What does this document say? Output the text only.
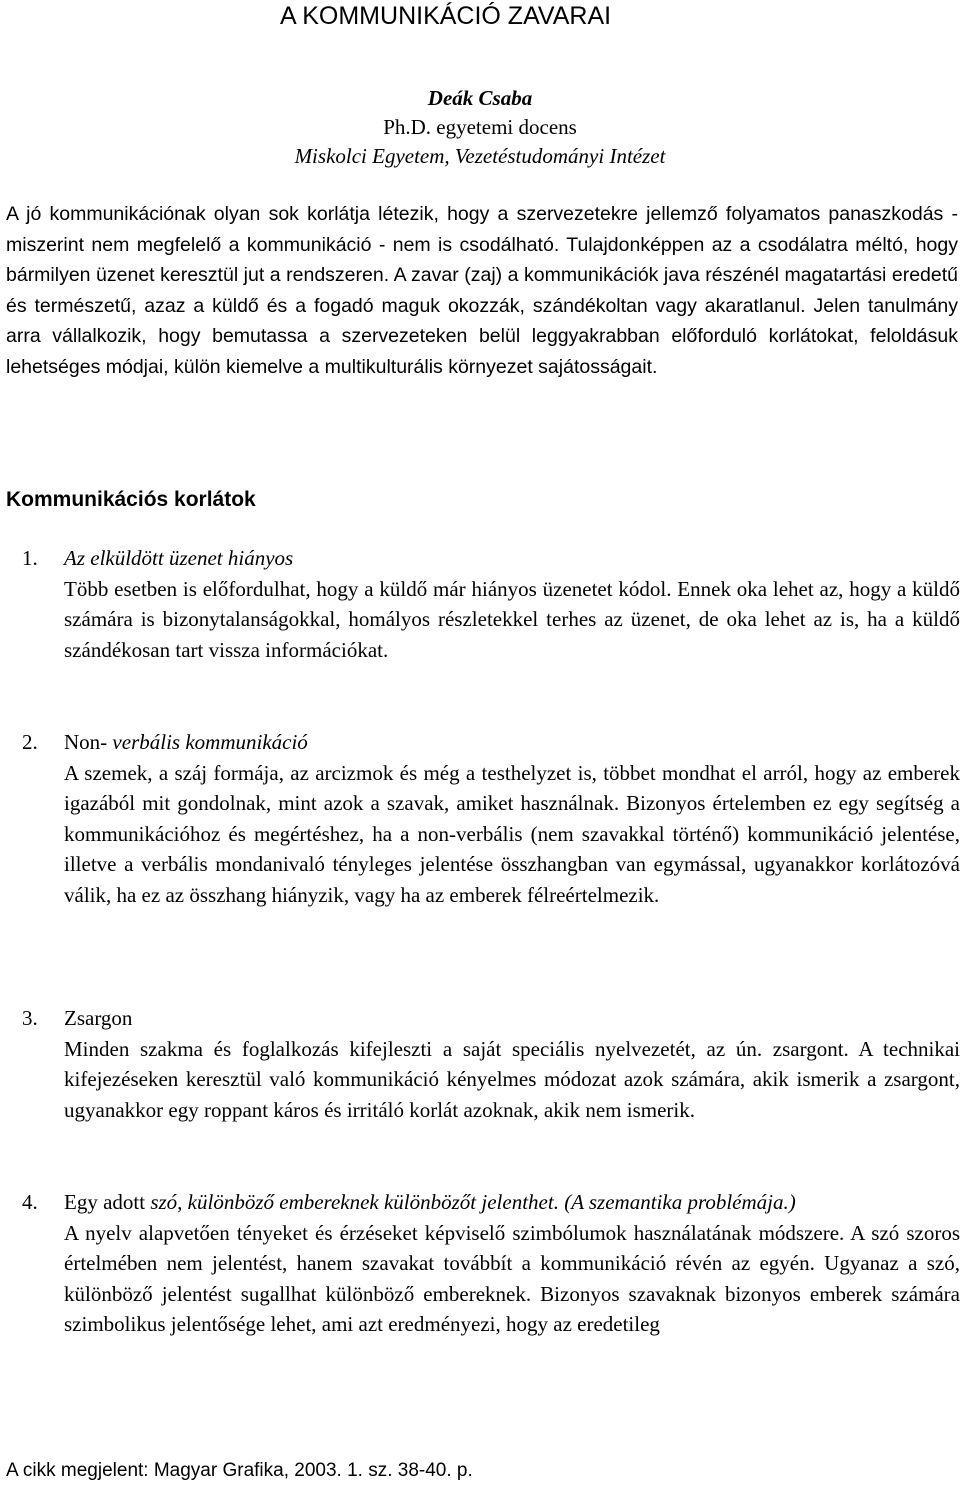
A KOMMUNIKÁCIÓ ZAVARAI
Deák Csaba
Ph.D. egyetemi docens
Miskolci Egyetem, Vezetéstudományi Intézet

A jó kommunikációnak olyan sok korlátja létezik, hogy a szervezetekre jellemző folyamatos panaszkodás - miszerint nem megfelelő a kommunikáció - nem is csodálható. Tulajdonképpen az a csodálatra méltó, hogy bármilyen üzenet keresztül jut a rendszeren. A zavar (zaj) a kommunikációk java részénél magatartási eredetű és természetű, azaz a küldő és a fogadó maguk okozzák, szándékoltan vagy akaratlanul. Jelen tanulmány arra vállalkozik, hogy bemutassa a szervezeteken belül leggyakrabban előforduló korlátokat, feloldásuk lehetséges módjai, külön kiemelve a multikulturális környezet sajátosságait.

Kommunikációs korlátok
1. Az elküldött üzenet hiányos

Több esetben is előfordulhat, hogy a küldő már hiányos üzenetet kódol. Ennek oka lehet az, hogy a küldő számára is bizonytalanságokkal, homályos részletekkel terhes az üzenet, de oka lehet az is, ha a küldő szándékosan tart vissza információkat.

2. Non- verbális kommunikáció

A szemek, a száj formája, az arcizmok és még a testhelyzet is, többet mondhat el arról, hogy az emberek igazából mit gondolnak, mint azok a szavak, amiket használnak. Bizonyos értelemben ez egy segítség a kommunikációhoz és megértéshez, ha a non-verbális (nem szavakkal történő) kommunikáció jelentése, illetve a verbális mondanivaló tényleges jelentése összhangban van egymással, ugyanakkor korlátozóvá válik, ha ez az összhang hiányzik, vagy ha az emberek félreértelmezik.

3. Zsargon

Minden szakma és foglalkozás kifejleszti a saját speciális nyelvezetét, az ún. zsargont. A technikai kifejezéseken keresztül való kommunikáció kényelmes módozat azok számára, akik ismerik a zsargont, ugyanakkor egy roppant káros és irritáló korlát azoknak, akik nem ismerik.

4. Egy adott szó, különböző embereknek különbözőt jelenthet. (A szemantika problémája.)

A nyelv alapvetően tényeket és érzéseket képviselő szimbólumok használatának módszere. A szó szoros értelmében nem jelentést, hanem szavakat továbbít a kommunikáció révén az egyén. Ugyanaz a szó, különböző jelentést sugallhat különböző embereknek. Bizonyos szavaknak bizonyos emberek számára szimbolikus jelentősége lehet, ami azt eredményezi, hogy az eredetileg

A cikk megjelent: Magyar Grafika, 2003. 1. sz. 38-40. p.
